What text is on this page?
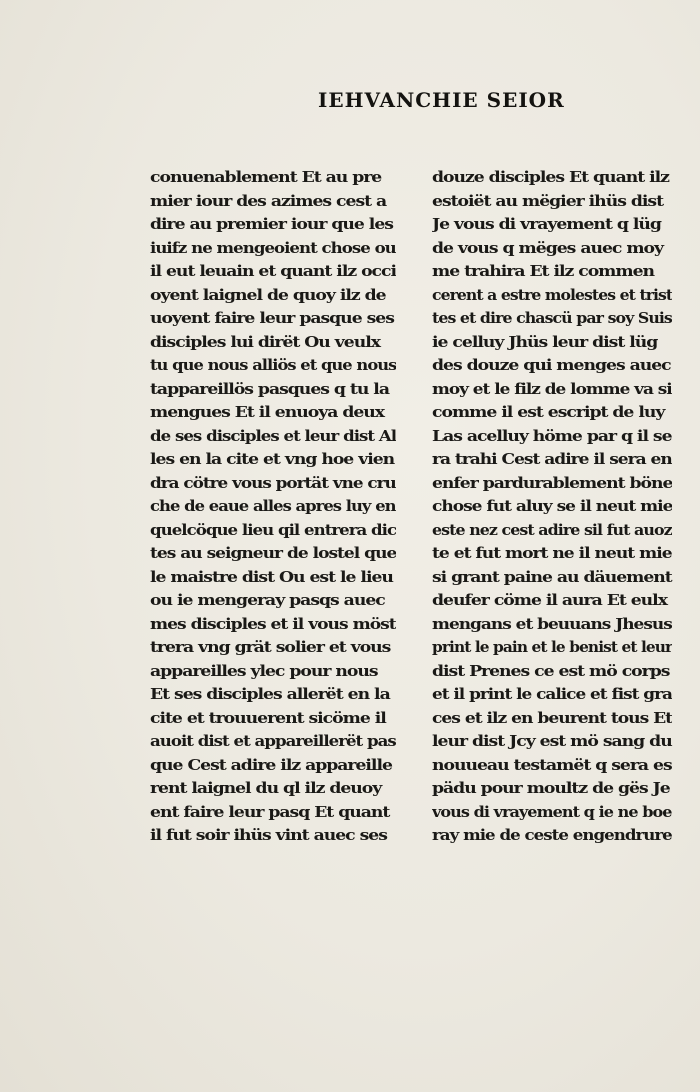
IEHVANCHIE SEIOR
conuenablement Et au pre
mier iour des azimes cest a
dire au premier iour que les
iuifz ne mengeoient chose ou
il eut leuain et quant ilz occi
oyent laignel de quoy ilz de
uoyent faire leur pasque ses
disciples lui dirët Ou veulx
tu que nous alliös et que nous
tappareillös pasques q tu la
mengues Et il enuoya deux
de ses disciples et leur dist Al
les en la cite et vng hoe vien
dra cötre vous portät vne cru
che de eaue alles apres luy en
quelcöque lieu qil entrera dic
tes au seigneur de lostel que
le maistre dist Ou est le lieu
ou ie mengeray pasqs auec
mes disciples et il vous möst
trera vng grät solier et vous
appareilles ylec pour nous
Et ses disciples allerët en la
cite et trouuerent sicöme il
auoit dist et appareillerët pas
que Cest adire ilz appareille
rent laignel du ql ilz deuoy
ent faire leur pasq Et quant
il fut soir ihüs vint auec ses
douze disciples Et quant ilz
estoiët au mëgier ihüs dist
Je vous di vrayement q lüg
de vous q mëges auec moy
me trahira Et ilz commen
cerent a estre molestes et trist
tes et dire chascü par soy Suis
ie celluy Jhüs leur dist lüg
des douze qui menges auec
moy et le filz de lomme va si
comme il est escript de luy
Las acelluy höme par q il se
ra trahi Cest adire il sera en
enfer pardurablement böne
chose fut aluy se il neut mie
este nez cest adire sil fut auoz
te et fut mort ne il neut mie
si grant paine au däuement
deufer cöme il aura Et eulx
mengans et beuuans Jhesus
print le pain et le benist et leur
dist Prenes ce est mö corps
et il print le calice et fist gra
ces et ilz en beurent tous Et
leur dist Jcy est mö sang du
nouueau testamët q sera es
pädu pour moultz de gës Je
vous di vrayement q ie ne boe
ray mie de ceste engendrure
